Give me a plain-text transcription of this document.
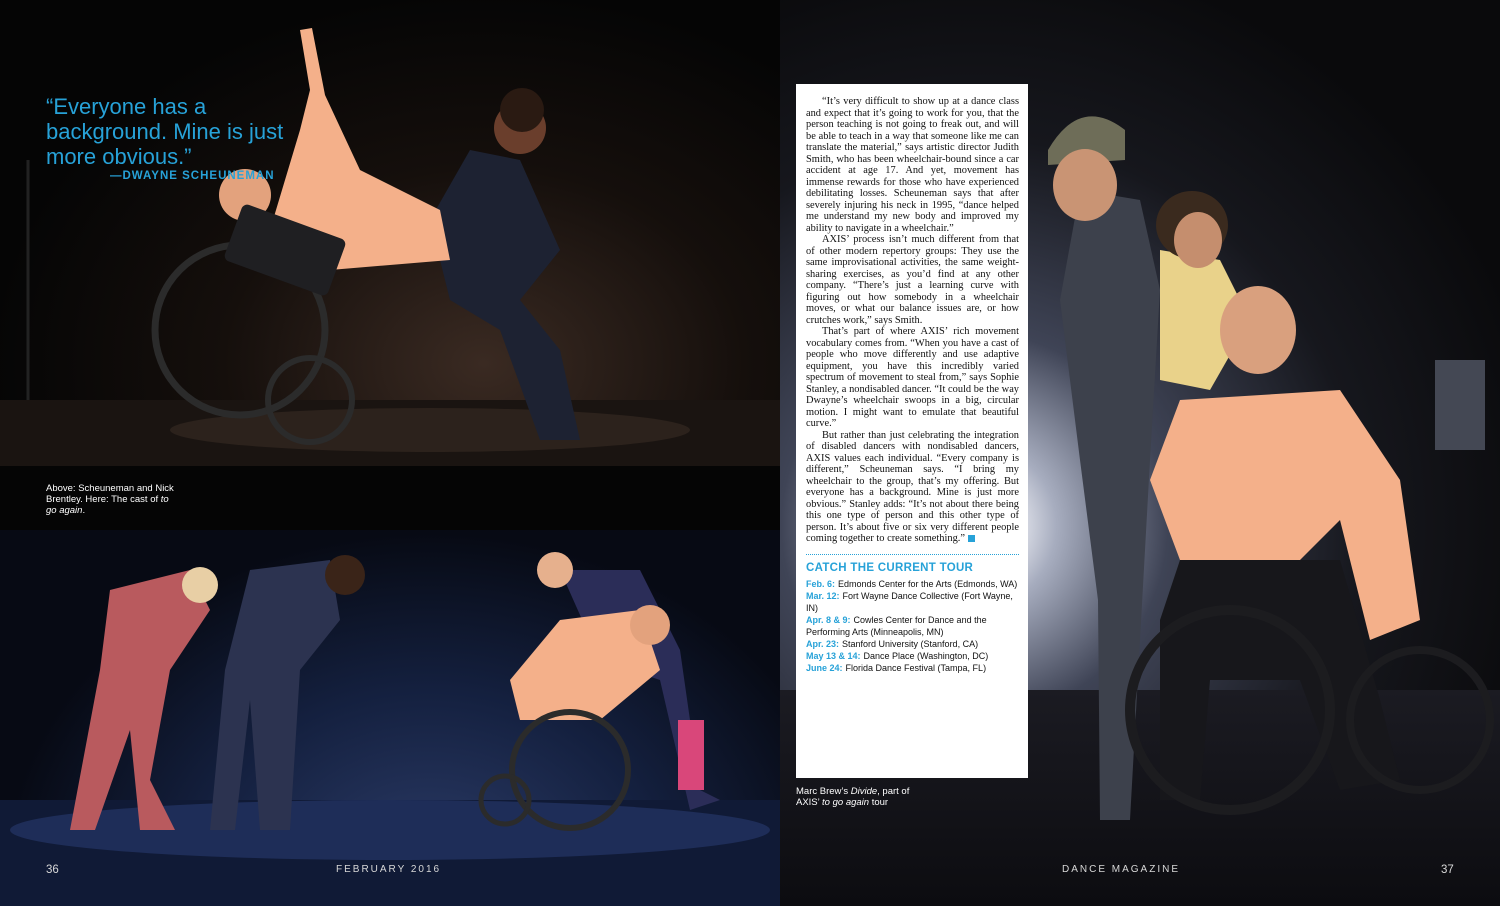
“Everyone has a background. Mine is just more obvious.”
—DWAYNE SCHEUNEMAN
Above: Scheuneman and Nick Brentley. Here: The cast of to go again.
36	FEBRUARY 2016

“It’s very difficult to show up at a dance class and expect that it’s going to work for you, that the person teaching is not going to freak out, and will be able to teach in a way that someone like me can translate the material,” says artistic director Judith Smith, who has been wheelchair-bound since a car accident at age 17. And yet, movement has immense rewards for those who have experienced debilitating losses. Scheuneman says that after severely injuring his neck in 1995, “dance helped me understand my new body and improved my ability to navigate in a wheelchair.”

AXIS’ process isn’t much different from that of other modern repertory groups: They use the same improvisational activities, the same weight-sharing exercises, as you’d find at any other company. “There’s just a learning curve with figuring out how somebody in a wheelchair moves, or what our balance issues are, or how crutches work,” says Smith.

That’s part of where AXIS’ rich movement vocabulary comes from. “When you have a cast of people who move differently and use adaptive equipment, you have this incredibly varied spectrum of movement to steal from,” says Sophie Stanley, a nondisabled dancer. “It could be the way Dwayne’s wheelchair swoops in a big, circular motion. I might want to emulate that beautiful curve.”

But rather than just celebrating the integration of disabled dancers with nondisabled dancers, AXIS values each individual. “Every company is different,” Scheuneman says. “I bring my wheelchair to the group, that’s my offering. But everyone has a background. Mine is just more obvious.” Stanley adds: “It’s not about there being this one type of person and this other type of person. It’s about five or six very different people coming together to create something.”

CATCH THE CURRENT TOUR
Feb. 6: Edmonds Center for the Arts (Edmonds, WA)
Mar. 12: Fort Wayne Dance Collective (Fort Wayne, IN)
Apr. 8 & 9: Cowles Center for Dance and the Performing Arts (Minneapolis, MN)
Apr. 23: Stanford University (Stanford, CA)
May 13 & 14: Dance Place (Washington, DC)
June 24: Florida Dance Festival (Tampa, FL)
Marc Brew’s Divide, part of AXIS’ to go again tour
DANCE MAGAZINE	37
